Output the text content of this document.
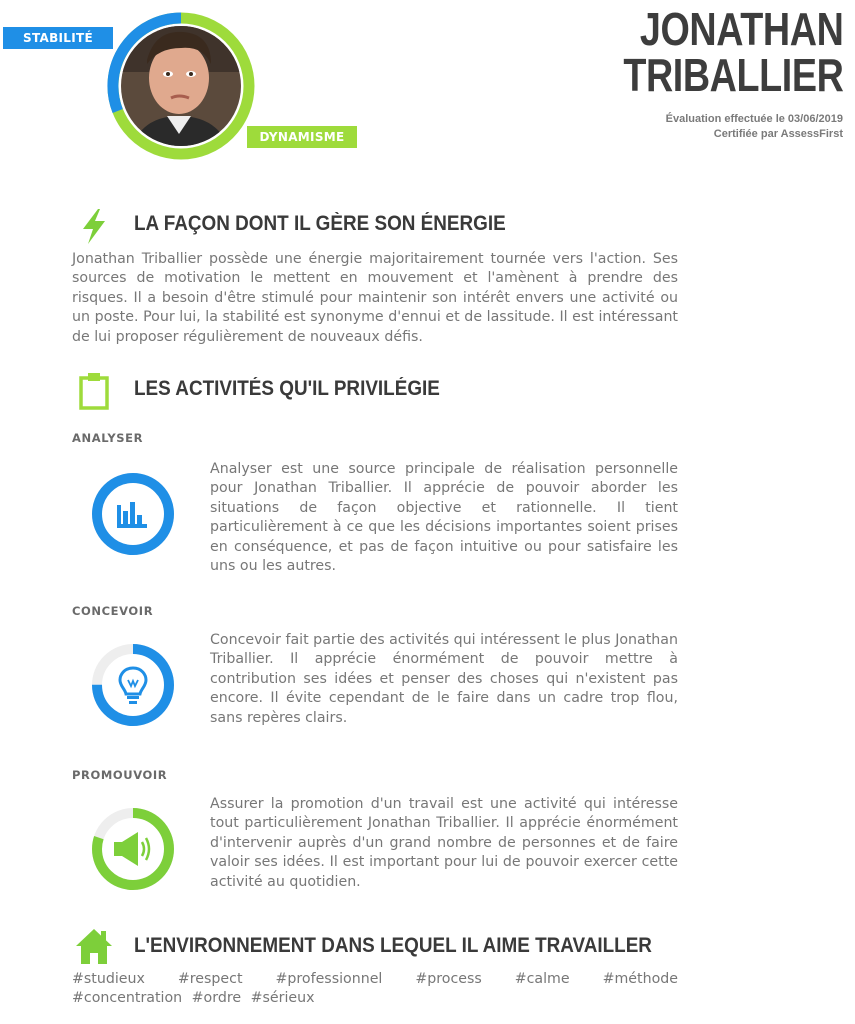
STABILITÉ
DYNAMISME
JONATHAN
TRIBALLIER
Évaluation effectuée le 03/06/2019
Certifiée par AssessFirst
LA FAÇON DONT IL GÈRE SON ÉNERGIE
Jonathan Triballier possède une énergie majoritairement tournée vers l'action. Ses sources de motivation le mettent en mouvement et l'amènent à prendre des risques. Il a besoin d'être stimulé pour maintenir son intérêt envers une activité ou un poste. Pour lui, la stabilité est synonyme d'ennui et de lassitude. Il est intéressant de lui proposer régulièrement de nouveaux défis.
LES ACTIVITÉS QU'IL PRIVILÉGIE
ANALYSER
Analyser est une source principale de réalisation personnelle pour Jonathan Triballier. Il apprécie de pouvoir aborder les situations de façon objective et rationnelle. Il tient particulièrement à ce que les décisions importantes soient prises en conséquence, et pas de façon intuitive ou pour satisfaire les uns ou les autres.
CONCEVOIR
Concevoir fait partie des activités qui intéressent le plus Jonathan Triballier. Il apprécie énormément de pouvoir mettre à contribution ses idées et penser des choses qui n'existent pas encore. Il évite cependant de le faire dans un cadre trop flou, sans repères clairs.
PROMOUVOIR
Assurer la promotion d'un travail est une activité qui intéresse tout particulièrement Jonathan Triballier. Il apprécie énormément d'intervenir auprès d'un grand nombre de personnes et de faire valoir ses idées. Il est important pour lui de pouvoir exercer cette activité au quotidien.
L'ENVIRONNEMENT DANS LEQUEL IL AIME TRAVAILLER
#studieux #respect #professionnel #process #calme #méthode
#concentration #ordre #sérieux
